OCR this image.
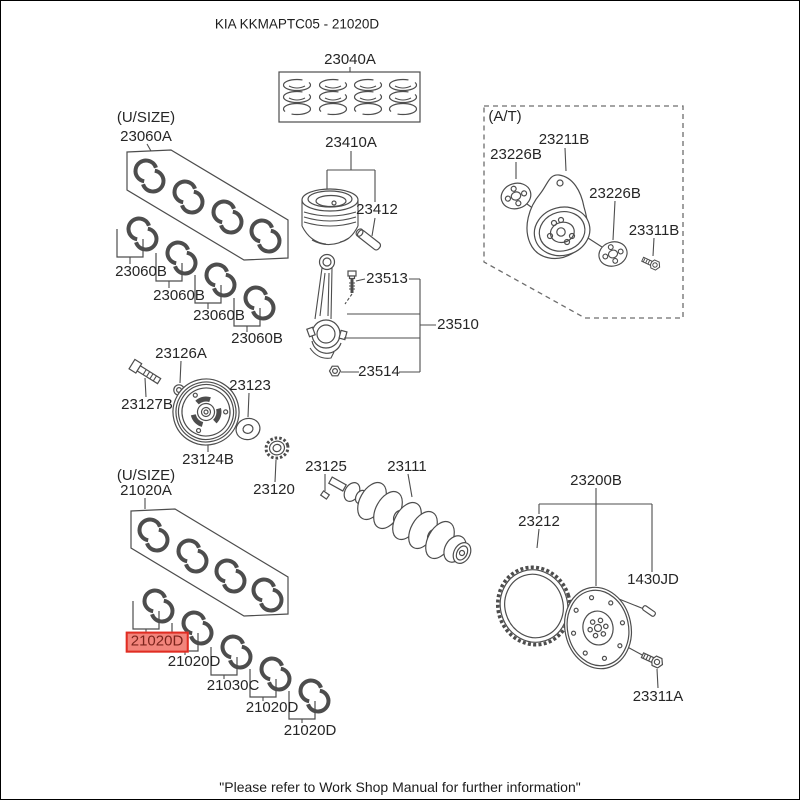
KIA KKMAPTC05 - 21020D
23040A
(U/SIZE)
23060A	23410A
23412
23513
23510
23514
23060B
23060B
23060B
23060B
(A/T)
23226B
23211B
23226B
23311B
23126A
23127B
23123
23124B
23120
23125	23111
(U/SIZE)
21020A
21020D
21020D
21030C
21020D
21020D
23200B
23212
1430JD
23311A
"Please refer to Work Shop Manual for further information"
